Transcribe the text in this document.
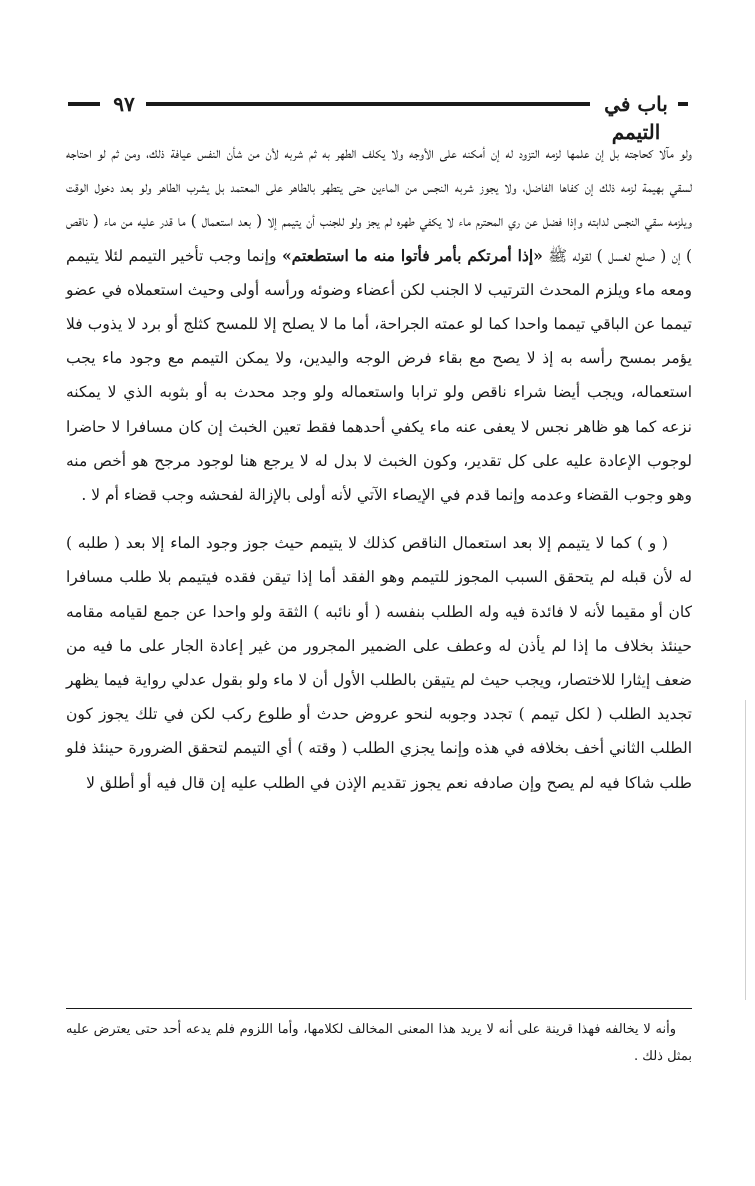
٩٧	باب في التيمم

ولو مآلا كحاجته بل إن علمها لزمه التزود له إن أمكنه على الأوجه ولا يكلف الطهر به ثم شربه لأن من شأن النفس عيافة ذلك، ومن ثم لو احتاجه لسقي بهيمة لزمه ذلك إن كفاها الفاضل، ولا يجوز شربه النجس من الماءين حتى يتطهر بالطاهر على المعتمد بل يشرب الطاهر ولو بعد دخول الوقت ويلزمه سقي النجس لدابته وإذا فضل عن ري المحترم ماء لا يكفي طهره لم يجز ولو للجنب أن يتيمم إلا ( بعد استعمال ) ما قدر عليه من ماء ( ناقص ) إن ( صلح لغسل ) لقوله ﷺ «إذا أمرتكم بأمر فأتوا منه ما استطعتم» وإنما وجب تأخير التيمم لئلا يتيمم ومعه ماء ويلزم المحدث الترتيب لا الجنب لكن أعضاء وضوئه ورأسه أولى وحيث استعملاه في عضو تيمما عن الباقي تيمما واحدا كما لو عمته الجراحة، أما ما لا يصلح إلا للمسح كثلج أو برد لا يذوب فلا يؤمر بمسح رأسه به إذ لا يصح مع بقاء فرض الوجه واليدين، ولا يمكن التيمم مع وجود ماء يجب استعماله، ويجب أيضا شراء ناقص ولو ترابا واستعماله ولو وجد محدث به أو بثوبه الذي لا يمكنه نزعه كما هو ظاهر نجس لا يعفى عنه ماء يكفي أحدهما فقط تعين الخبث إن كان مسافرا لا حاضرا لوجوب الإعادة عليه على كل تقدير، وكون الخبث لا بدل له لا يرجع هنا لوجود مرجح هو أخص منه وهو وجوب القضاء وعدمه وإنما قدم في الإيصاء الآتي لأنه أولى بالإزالة لفحشه وجب قضاء أم لا .

( و ) كما لا يتيمم إلا بعد استعمال الناقص كذلك لا يتيمم حيث جوز وجود الماء إلا بعد ( طلبه ) له لأن قبله لم يتحقق السبب المجوز للتيمم وهو الفقد أما إذا تيقن فقده فيتيمم بلا طلب مسافرا كان أو مقيما لأنه لا فائدة فيه وله الطلب بنفسه ( أو نائبه ) الثقة ولو واحدا عن جمع لقيامه مقامه حينئذ بخلاف ما إذا لم يأذن له وعطف على الضمير المجرور من غير إعادة الجار على ما فيه من ضعف إيثارا للاختصار، ويجب حيث لم يتيقن بالطلب الأول أن لا ماء ولو بقول عدلي رواية فيما يظهر تجديد الطلب ( لكل تيمم ) تجدد وجوبه لنحو عروض حدث أو طلوع ركب لكن في تلك يجوز كون الطلب الثاني أخف بخلافه في هذه وإنما يجزي الطلب ( وقته ) أي التيمم لتحقق الضرورة حينئذ فلو طلب شاكا فيه لم يصح وإن صادفه نعم يجوز تقديم الإذن في الطلب عليه إن قال فيه أو أطلق لا

وأنه لا يخالفه فهذا قرينة على أنه لا يريد هذا المعنى المخالف لكلامها، وأما اللزوم فلم يدعه أحد حتى يعترض عليه بمثل ذلك .
